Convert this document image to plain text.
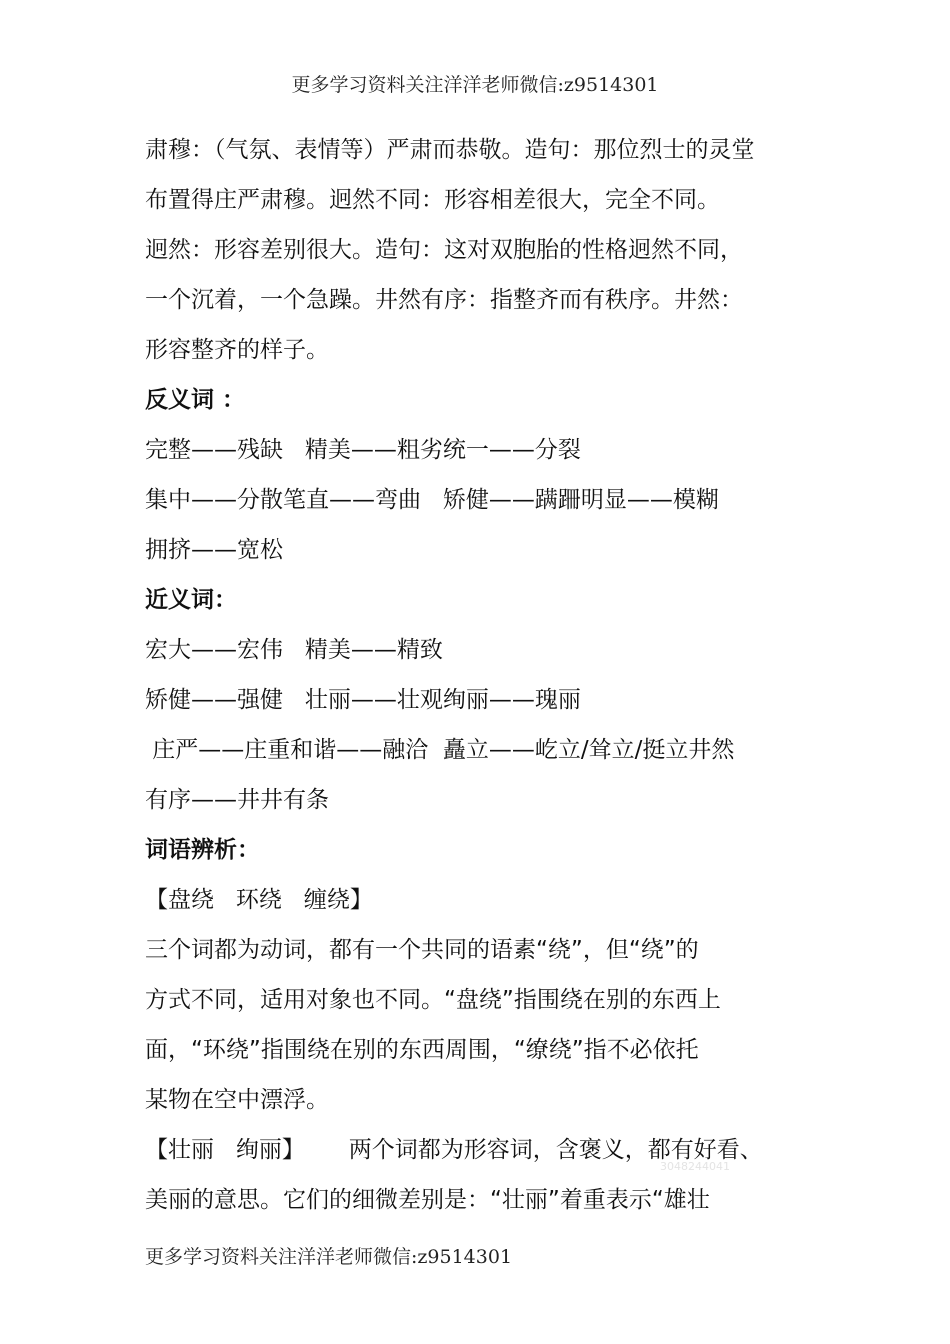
更多学习资料关注洋洋老师微信:z9514301
肃穆：（气氛、表情等）严肃而恭敬。造句：那位烈士的灵堂
布置得庄严肃穆。迥然不同：形容相差很大，完全不同。
迥然：形容差别很大。造句：这对双胞胎的性格迥然不同，
一个沉着，一个急躁。井然有序：指整齐而有秩序。井然：
形容整齐的样子。
反义词 ：
完整——残缺   精美——粗劣统一——分裂
集中——分散笔直——弯曲   矫健——蹒跚明显——模糊
拥挤——宽松
近义词：
宏大——宏伟   精美——精致
矫健——强健   壮丽——壮观绚丽——瑰丽
庄严——庄重和谐——融洽  矗立——屹立/耸立/挺立井然
有序——井井有条
词语辨析：
【盘绕   环绕   缠绕】
三个词都为动词，都有一个共同的语素“绕”，但“绕”的
方式不同，适用对象也不同。“盘绕”指围绕在别的东西上
面，“环绕”指围绕在别的东西周围，“缭绕”指不必依托
某物在空中漂浮。
【壮丽   绚丽】      两个词都为形容词，含褒义，都有好看、
美丽的意思。它们的细微差别是：“壮丽”着重表示“雄壮
3048244041
更多学习资料关注洋洋老师微信:z9514301
